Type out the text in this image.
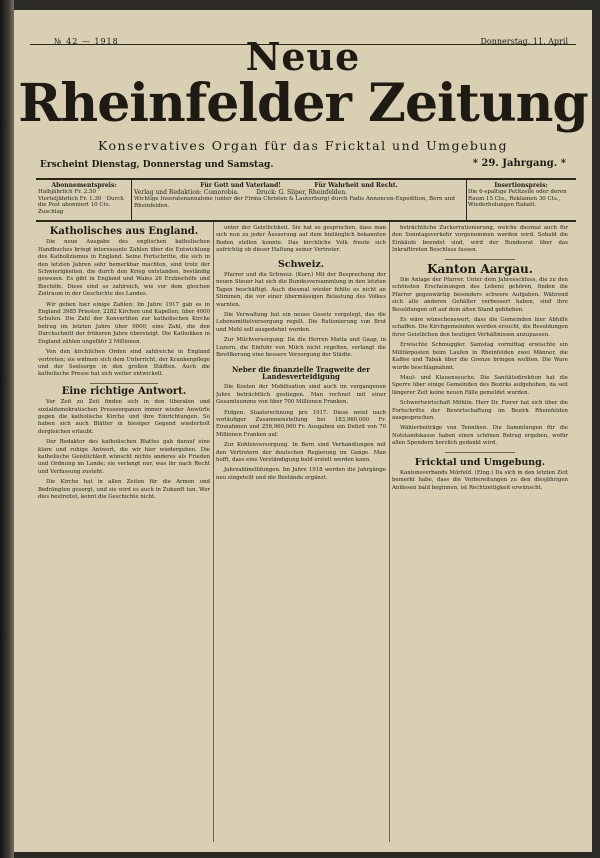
№ 42 — 1918	Donnerstag, 11. April
Neue
Rheinfelder Zeitung
Konservatives Organ für das Fricktal und Umgebung
Erscheint Dienstag, Donnerstag und Samstag.	* 29. Jahrgang. *
Abonnementspreis:
Halbjährlich Fr. 2.50 · Vierteljährlich Fr. 1.30 · Durch die Post abonniert 10 Cts. Zuschlag
Für Gott und Vaterland!                Für Wahrheit und Recht.
Verlag und Redaktion: Comorobia.         Druck: G. Sliper, Rheinfelden.
Wichtige Inseratenannahme (unter der Firma Christen & Lauterburg) durch Fadis Annoncen-Expedition, Bern und Rheinfelden.
Insertionspreis:
Die 6-spaltige Petitzeile oder deren Raum 15 Cts., Reklamen 30 Cts., Wiederholungen Rabatt.
Katholisches aus England.

Die neue Ausgabe des englischen katholischen Handbuches bringt interessante Zahlen über die Entwicklung des Katholizismus in England. Seine Fortschritte, die sich in den letzten Jahren sehr bemerkbar machten, sind trotz der Schwierigkeiten, die durch den Krieg entstanden, beständig gewesen. Es gibt in England und Wales 26 Erzbischöfe und Bischöfe. Diese sind so zahlreich, wie vor dem gleichen Zeitraum in der Geschichte des Landes.

Wir geben hier einige Zahlen: Im Jahre 1917 gab es in England 3985 Priester, 2282 Kirchen und Kapellen, über 4000 Schulen. Die Zahl der Konvertiten zur katholischen Kirche betrug im letzten Jahre über 9000, eine Zahl, die den Durchschnitt der früheren Jahre übersteigt. Die Katholiken in England zählen ungefähr 2 Millionen.

Von den kirchlichen Orden sind zahlreiche in England vertreten; sie widmen sich dem Unterricht, der Krankenpflege und der Seelsorge in den großen Städten. Auch die katholische Presse hat sich weiter entwickelt.

Eine richtige Antwort.

Vor Zeit zu Zeit finden sich in den liberalen und sozialdemokratischen Presseorganen immer wieder Anwürfe gegen die katholische Kirche und ihre Einrichtungen. So haben sich auch Blätter in hiesiger Gegend wiederholt dergleichen erlaubt.

Der Redaktor des katholischen Blattes gab darauf eine klare und ruhige Antwort, die wir hier wiedergeben. Die katholische Geistlichkeit wünscht nichts anderes als Frieden und Ordnung im Lande; sie verlangt nur, was ihr nach Recht und Verfassung zusteht.

Die Kirche hat in allen Zeiten für die Armen und Bedrängten gesorgt, und sie wird es auch in Zukunft tun. Wer dies bestreitet, kennt die Geschichte nicht.

unter der Geistlichkeit. Sie hat so gesprochen, dass man sich nun zu jeder Äusserung auf dem hinlänglich bekannten Boden stellen konnte. Das kirchliche Volk freute sich aufrichtig ob dieser Haltung seiner Vertreter.

Schweiz.

Pfarrer und die Schweiz. (Korr.) Mit der Besprechung der neuen Steuer hat sich die Bundesversammlung in den letzten Tagen beschäftigt. Auch diesmal wieder fehlte es nicht an Stimmen, die vor einer übermässigen Belastung des Volkes warnten.

Die Verwaltung hat ein neues Gesetz vorgelegt, das die Lebensmittelversorgung regelt. Die Rationierung von Brot und Mehl soll ausgedehnt werden.

Zur Milchversorgung. Da die Herren Matta und Gaap, in Luzern, die Einfuhr von Milch nicht regelten, verlangt die Bevölkerung eine bessere Versorgung der Städte.

Neber die finanzielle Tragweite der Landesverteidigung

Die Kosten der Mobilisation sind auch im vergangenen Jahre beträchtlich gestiegen. Man rechnet mit einer Gesamtsumme von über 700 Millionen Franken.

Eidgen. Staatsrechnung pro 1917. Diese weist nach vorläufiger Zusammenstellung bei 183,960,000 Fr. Einnahmen und 256,960,000 Fr. Ausgaben ein Defizit von 70 Millionen Franken auf.

Zur Kohlenversorgung. In Bern sind Verhandlungen mit den Vertretern der deutschen Regierung im Gange. Man hofft, dass eine Verständigung bald erzielt werden kann.

Jahrzahlmelldungen. Im Jahre 1918 werden die Jahrgänge neu eingeteilt und die Bestände ergänzt.

beträchtliche Zuckerrationierung, welche diesmal auch für den Sonntagsverkehr vorgenommen werden wird. Sobald die Einkäufe beendet sind, wird der Bundesrat über das Inkrafttreten Beschluss fassen.

Kanton Aargau.

Die Anlage der Pfarrer. Unter dem Jahresschluss, die zu den schönsten Erscheinungen des Lebens gehören, finden die Pfarrer gegenwärtig besonders schwere Aufgaben. Während sich alle anderen Gehälter verbessert haben, sind ihre Besoldungen oft auf dem alten Stand geblieben.

Es wäre wünschenswert, dass die Gemeinden hier Abhilfe schaffen. Die Kirchgemeinden werden ersucht, die Besoldungen ihrer Geistlichen den heutigen Verhältnissen anzupassen.

Erwischte Schmuggler. Samstag vormittag erwischte ein Militärposten beim Laufen in Rheinfelden zwei Männer, die Kaffee und Tabak über die Grenze bringen wollten. Die Ware wurde beschlagnahmt.

Maul- und Klauenseuche. Die Sanitätsdirektion hat die Sperre über einige Gemeinden des Bezirks aufgehoben, da seit längerer Zeit keine neuen Fälle gemeldet wurden.

Schwertwirtschaft Möhlin. Herr Dr. Fierer hat sich über die Fortschritte der Bewirtschaftung im Bezirk Rheinfelden ausgesprochen.

Wählerbeiträge von Tenniken. Die Sammlungen für die Notstandskasse haben einen schönen Betrag ergeben, wofür allen Spendern herzlich gedankt wird.

Fricktal und Umgebung.

Kantonsverbands Mörfeld. (Eing.) Da sich in den letzten Zeit bemerkt habe, dass die Vorbereitungen zu den diesjährigen Anlässen bald beginnen, ist Rechtzeitigkeit erwünscht.
